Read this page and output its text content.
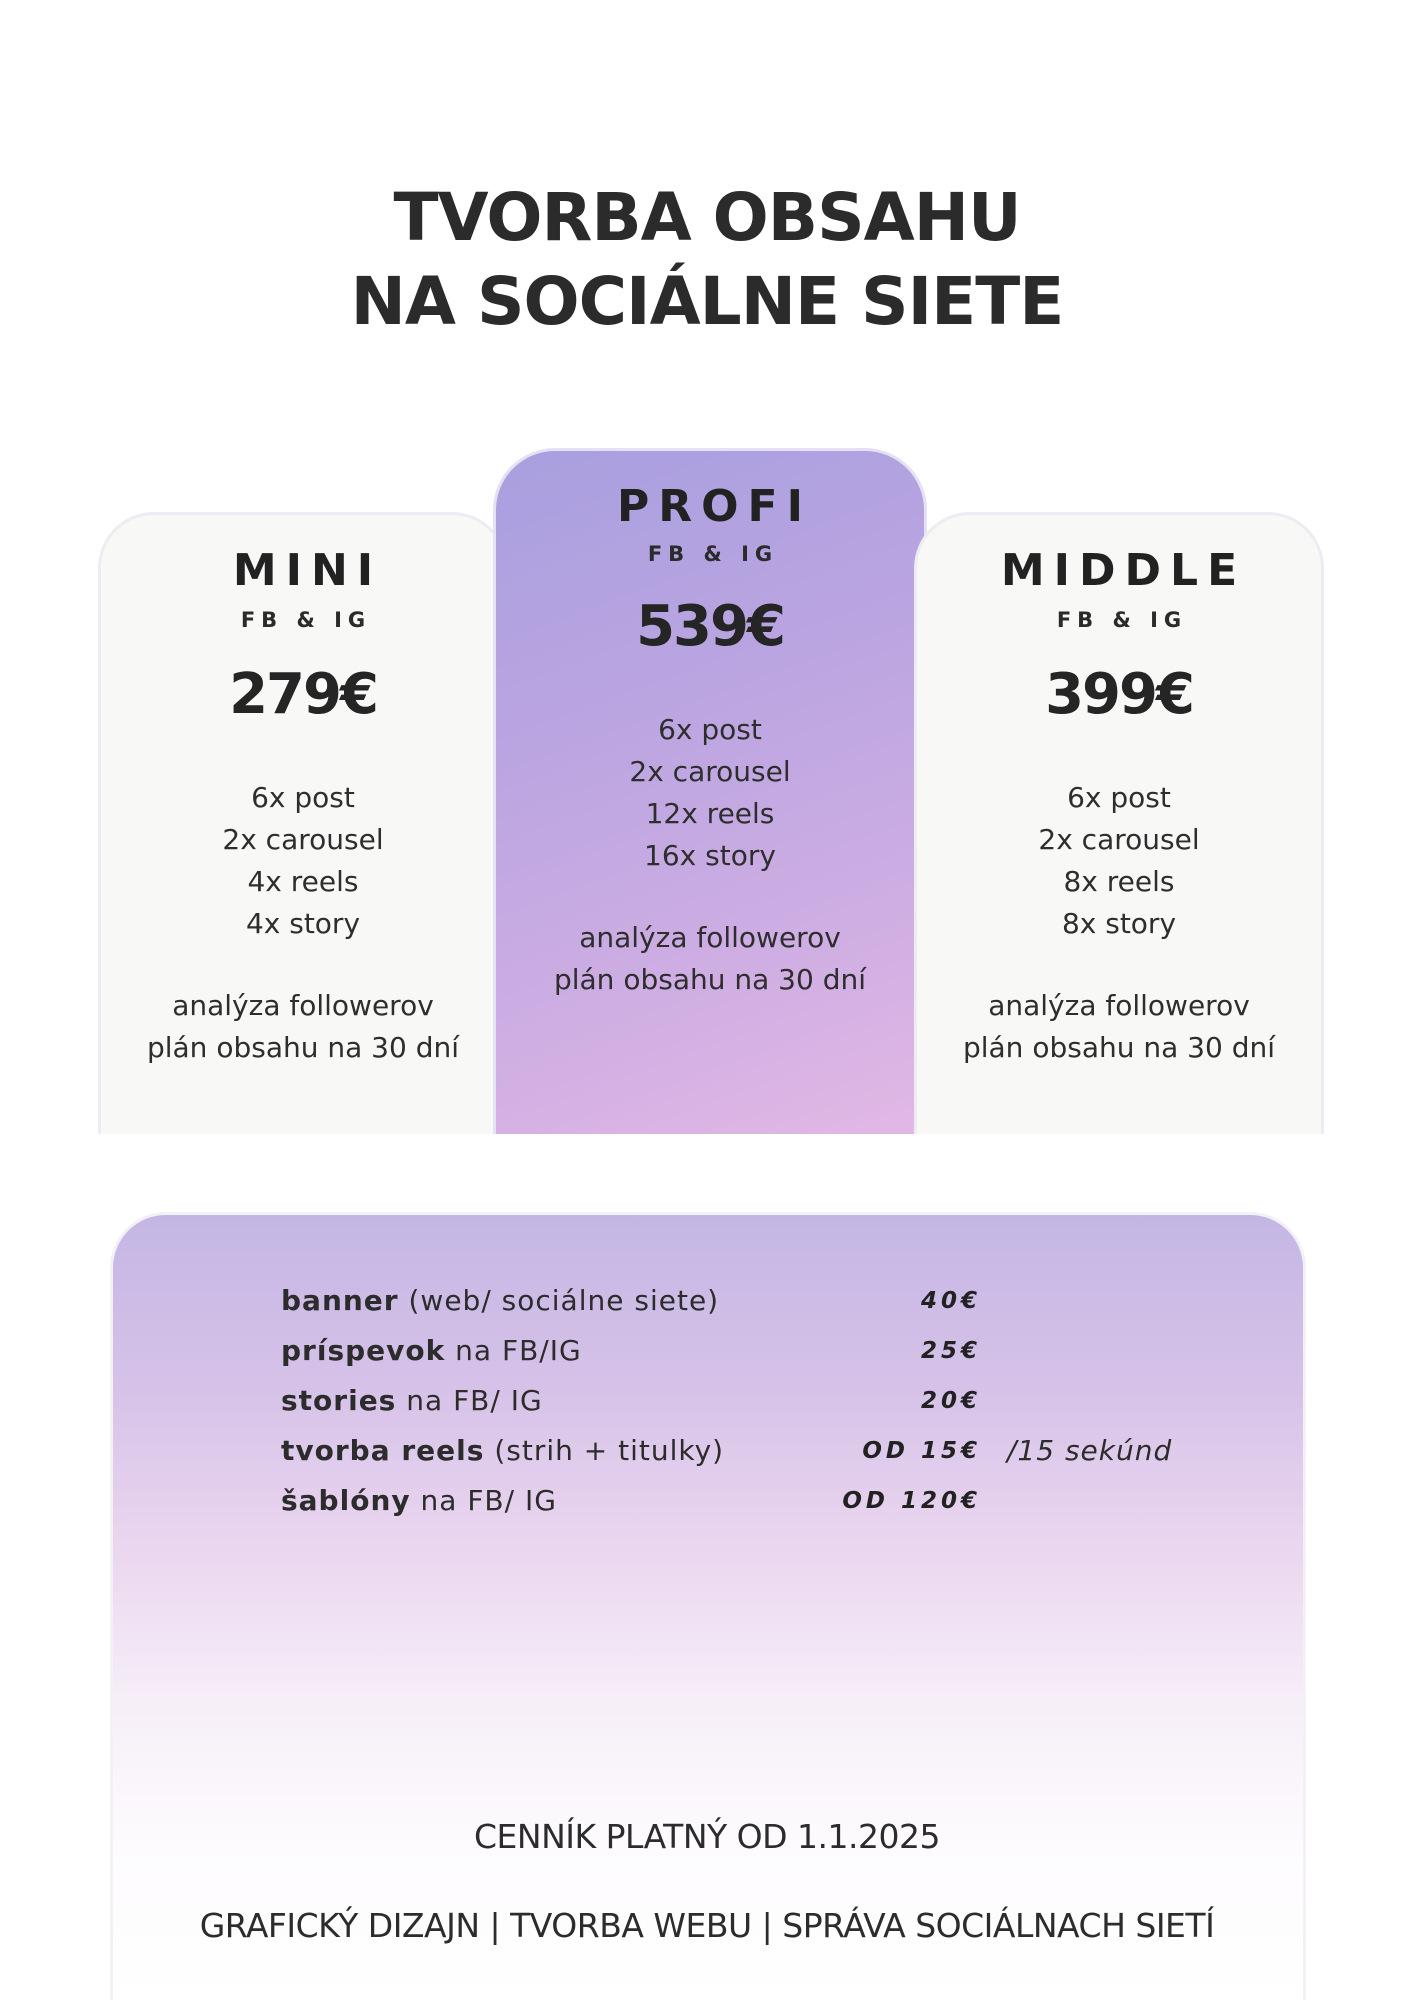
TVORBA OBSAHU
NA SOCIÁLNE SIETE
MINI
FB & IG
279€
6x post
2x carousel
4x reels
4x story
analýza followerov
plán obsahu na 30 dní
PROFI
FB & IG
539€
6x post
2x carousel
12x reels
16x story
analýza followerov
plán obsahu na 30 dní
MIDDLE
FB & IG
399€
6x post
2x carousel
8x reels
8x story
analýza followerov
plán obsahu na 30 dní
banner (web/ sociálne siete)	40€
príspevok na FB/IG	25€
stories na FB/ IG	20€
tvorba reels (strih + titulky)	OD 15€ /15 sekúnd
šablóny na FB/ IG	OD 120€
CENNÍK PLATNÝ OD 1.1.2025
GRAFICKÝ DIZAJN | TVORBA WEBU | SPRÁVA SOCIÁLNACH SIETÍ
